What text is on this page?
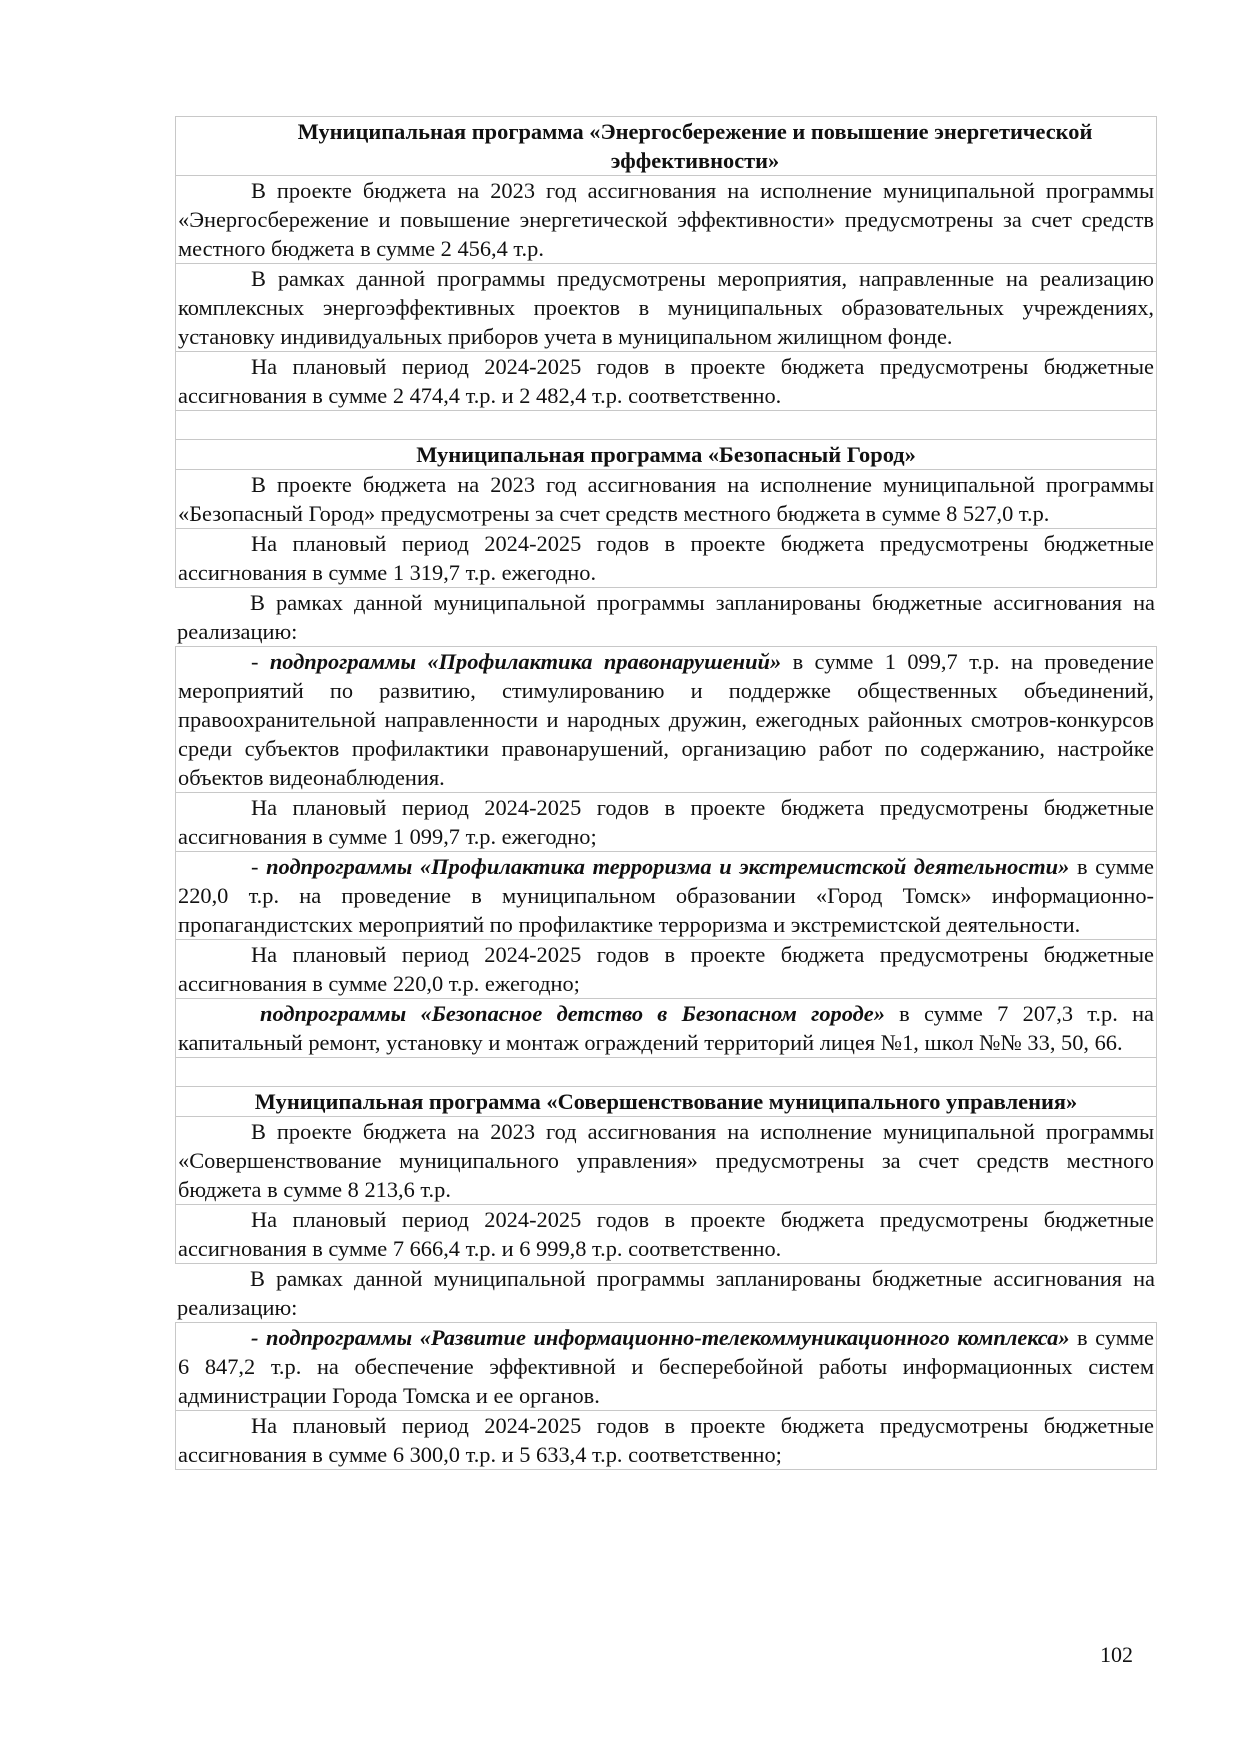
Муниципальная программа «Энергосбережение и повышение энергетической эффективности»
В проекте бюджета на 2023 год ассигнования на исполнение муниципальной программы «Энергосбережение и повышение энергетической эффективности» предусмотрены за счет средств местного бюджета в сумме 2 456,4 т.р.
В рамках данной программы предусмотрены мероприятия, направленные на реализацию комплексных энергоэффективных проектов в муниципальных образовательных учреждениях, установку индивидуальных приборов учета в муниципальном жилищном фонде.
На плановый период 2024-2025 годов в проекте бюджета предусмотрены бюджетные ассигнования в сумме 2 474,4 т.р. и 2 482,4 т.р. соответственно.
Муниципальная программа «Безопасный Город»
В проекте бюджета на 2023 год ассигнования на исполнение муниципальной программы «Безопасный Город» предусмотрены за счет средств местного бюджета в сумме 8 527,0 т.р.
На плановый период 2024-2025 годов в проекте бюджета предусмотрены бюджетные ассигнования в сумме 1 319,7 т.р. ежегодно.
В рамках данной муниципальной программы запланированы бюджетные ассигнования на реализацию:
- подпрограммы «Профилактика правонарушений» в сумме 1 099,7 т.р. на проведение мероприятий по развитию, стимулированию и поддержке общественных объединений, правоохранительной направленности и народных дружин, ежегодных районных смотров-конкурсов среди субъектов профилактики правонарушений, организацию работ по содержанию, настройке объектов видеонаблюдения.
На плановый период 2024-2025 годов в проекте бюджета предусмотрены бюджетные ассигнования в сумме 1 099,7 т.р. ежегодно;
- подпрограммы «Профилактика терроризма и экстремистской деятельности» в сумме 220,0 т.р. на проведение в муниципальном образовании «Город Томск» информационно-пропагандистских мероприятий по профилактике терроризма и экстремистской деятельности.
На плановый период 2024-2025 годов в проекте бюджета предусмотрены бюджетные ассигнования в сумме 220,0 т.р. ежегодно;
подпрограммы «Безопасное детство в Безопасном городе» в сумме 7 207,3 т.р. на капитальный ремонт, установку и монтаж ограждений территорий лицея №1, школ №№ 33, 50, 66.
Муниципальная программа «Совершенствование муниципального управления»
В проекте бюджета на 2023 год ассигнования на исполнение муниципальной программы «Совершенствование муниципального управления» предусмотрены за счет средств местного бюджета в сумме 8 213,6 т.р.
На плановый период 2024-2025 годов в проекте бюджета предусмотрены бюджетные ассигнования в сумме 7 666,4 т.р. и 6 999,8 т.р. соответственно.
В рамках данной муниципальной программы запланированы бюджетные ассигнования на реализацию:
- подпрограммы «Развитие информационно-телекоммуникационного комплекса» в сумме 6 847,2 т.р. на обеспечение эффективной и бесперебойной работы информационных систем администрации Города Томска и ее органов.
На плановый период 2024-2025 годов в проекте бюджета предусмотрены бюджетные ассигнования в сумме 6 300,0 т.р. и 5 633,4 т.р. соответственно;
102
